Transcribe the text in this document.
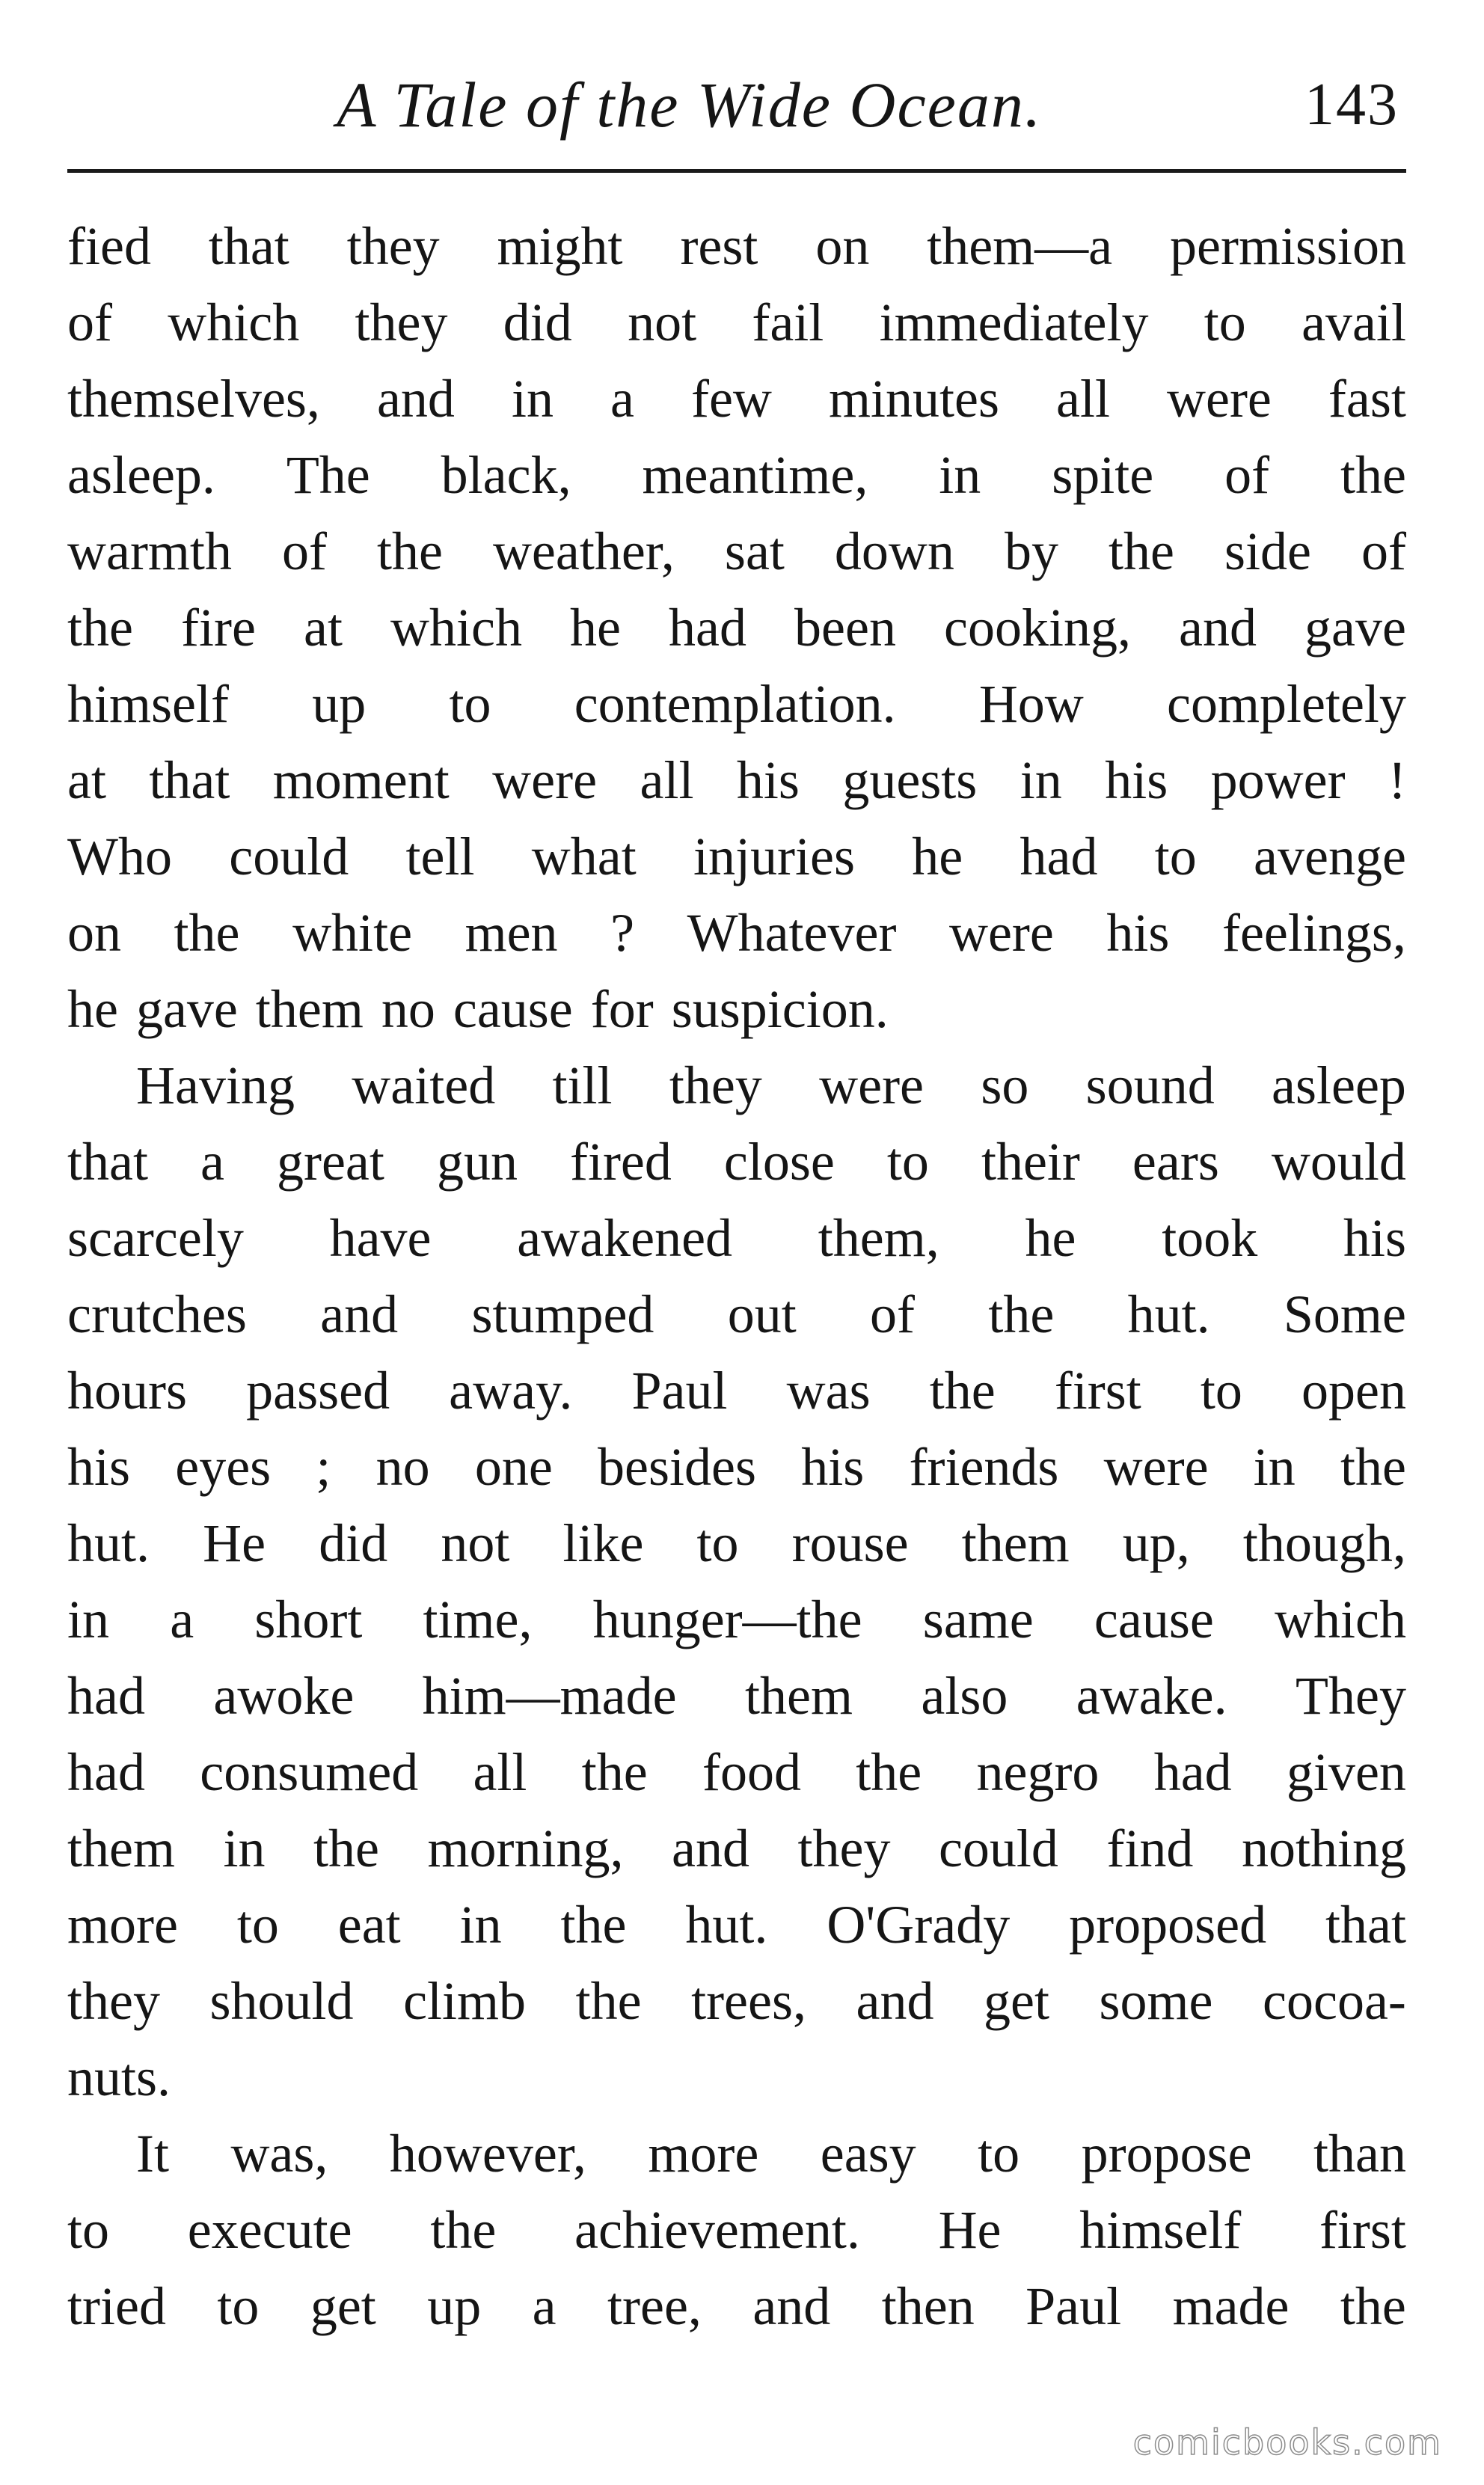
A Tale of the Wide Ocean.	143
fied that they might rest on them—a permission
of which they did not fail immediately to avail
themselves, and in a few minutes all were fast
asleep. The black, meantime, in spite of the
warmth of the weather, sat down by the side of
the fire at which he had been cooking, and gave
himself up to contemplation. How completely
at that moment were all his guests in his power !
Who could tell what injuries he had to avenge
on the white men ? Whatever were his feelings,
he gave them no cause for suspicion.
Having waited till they were so sound asleep
that a great gun fired close to their ears would
scarcely have awakened them, he took his
crutches and stumped out of the hut. Some
hours passed away. Paul was the first to open
his eyes ; no one besides his friends were in the
hut. He did not like to rouse them up, though,
in a short time, hunger—the same cause which
had awoke him—made them also awake. They
had consumed all the food the negro had given
them in the morning, and they could find nothing
more to eat in the hut. O'Grady proposed that
they should climb the trees, and get some cocoa-
nuts.
It was, however, more easy to propose than
to execute the achievement. He himself first
tried to get up a tree, and then Paul made the
comicbooks.com
